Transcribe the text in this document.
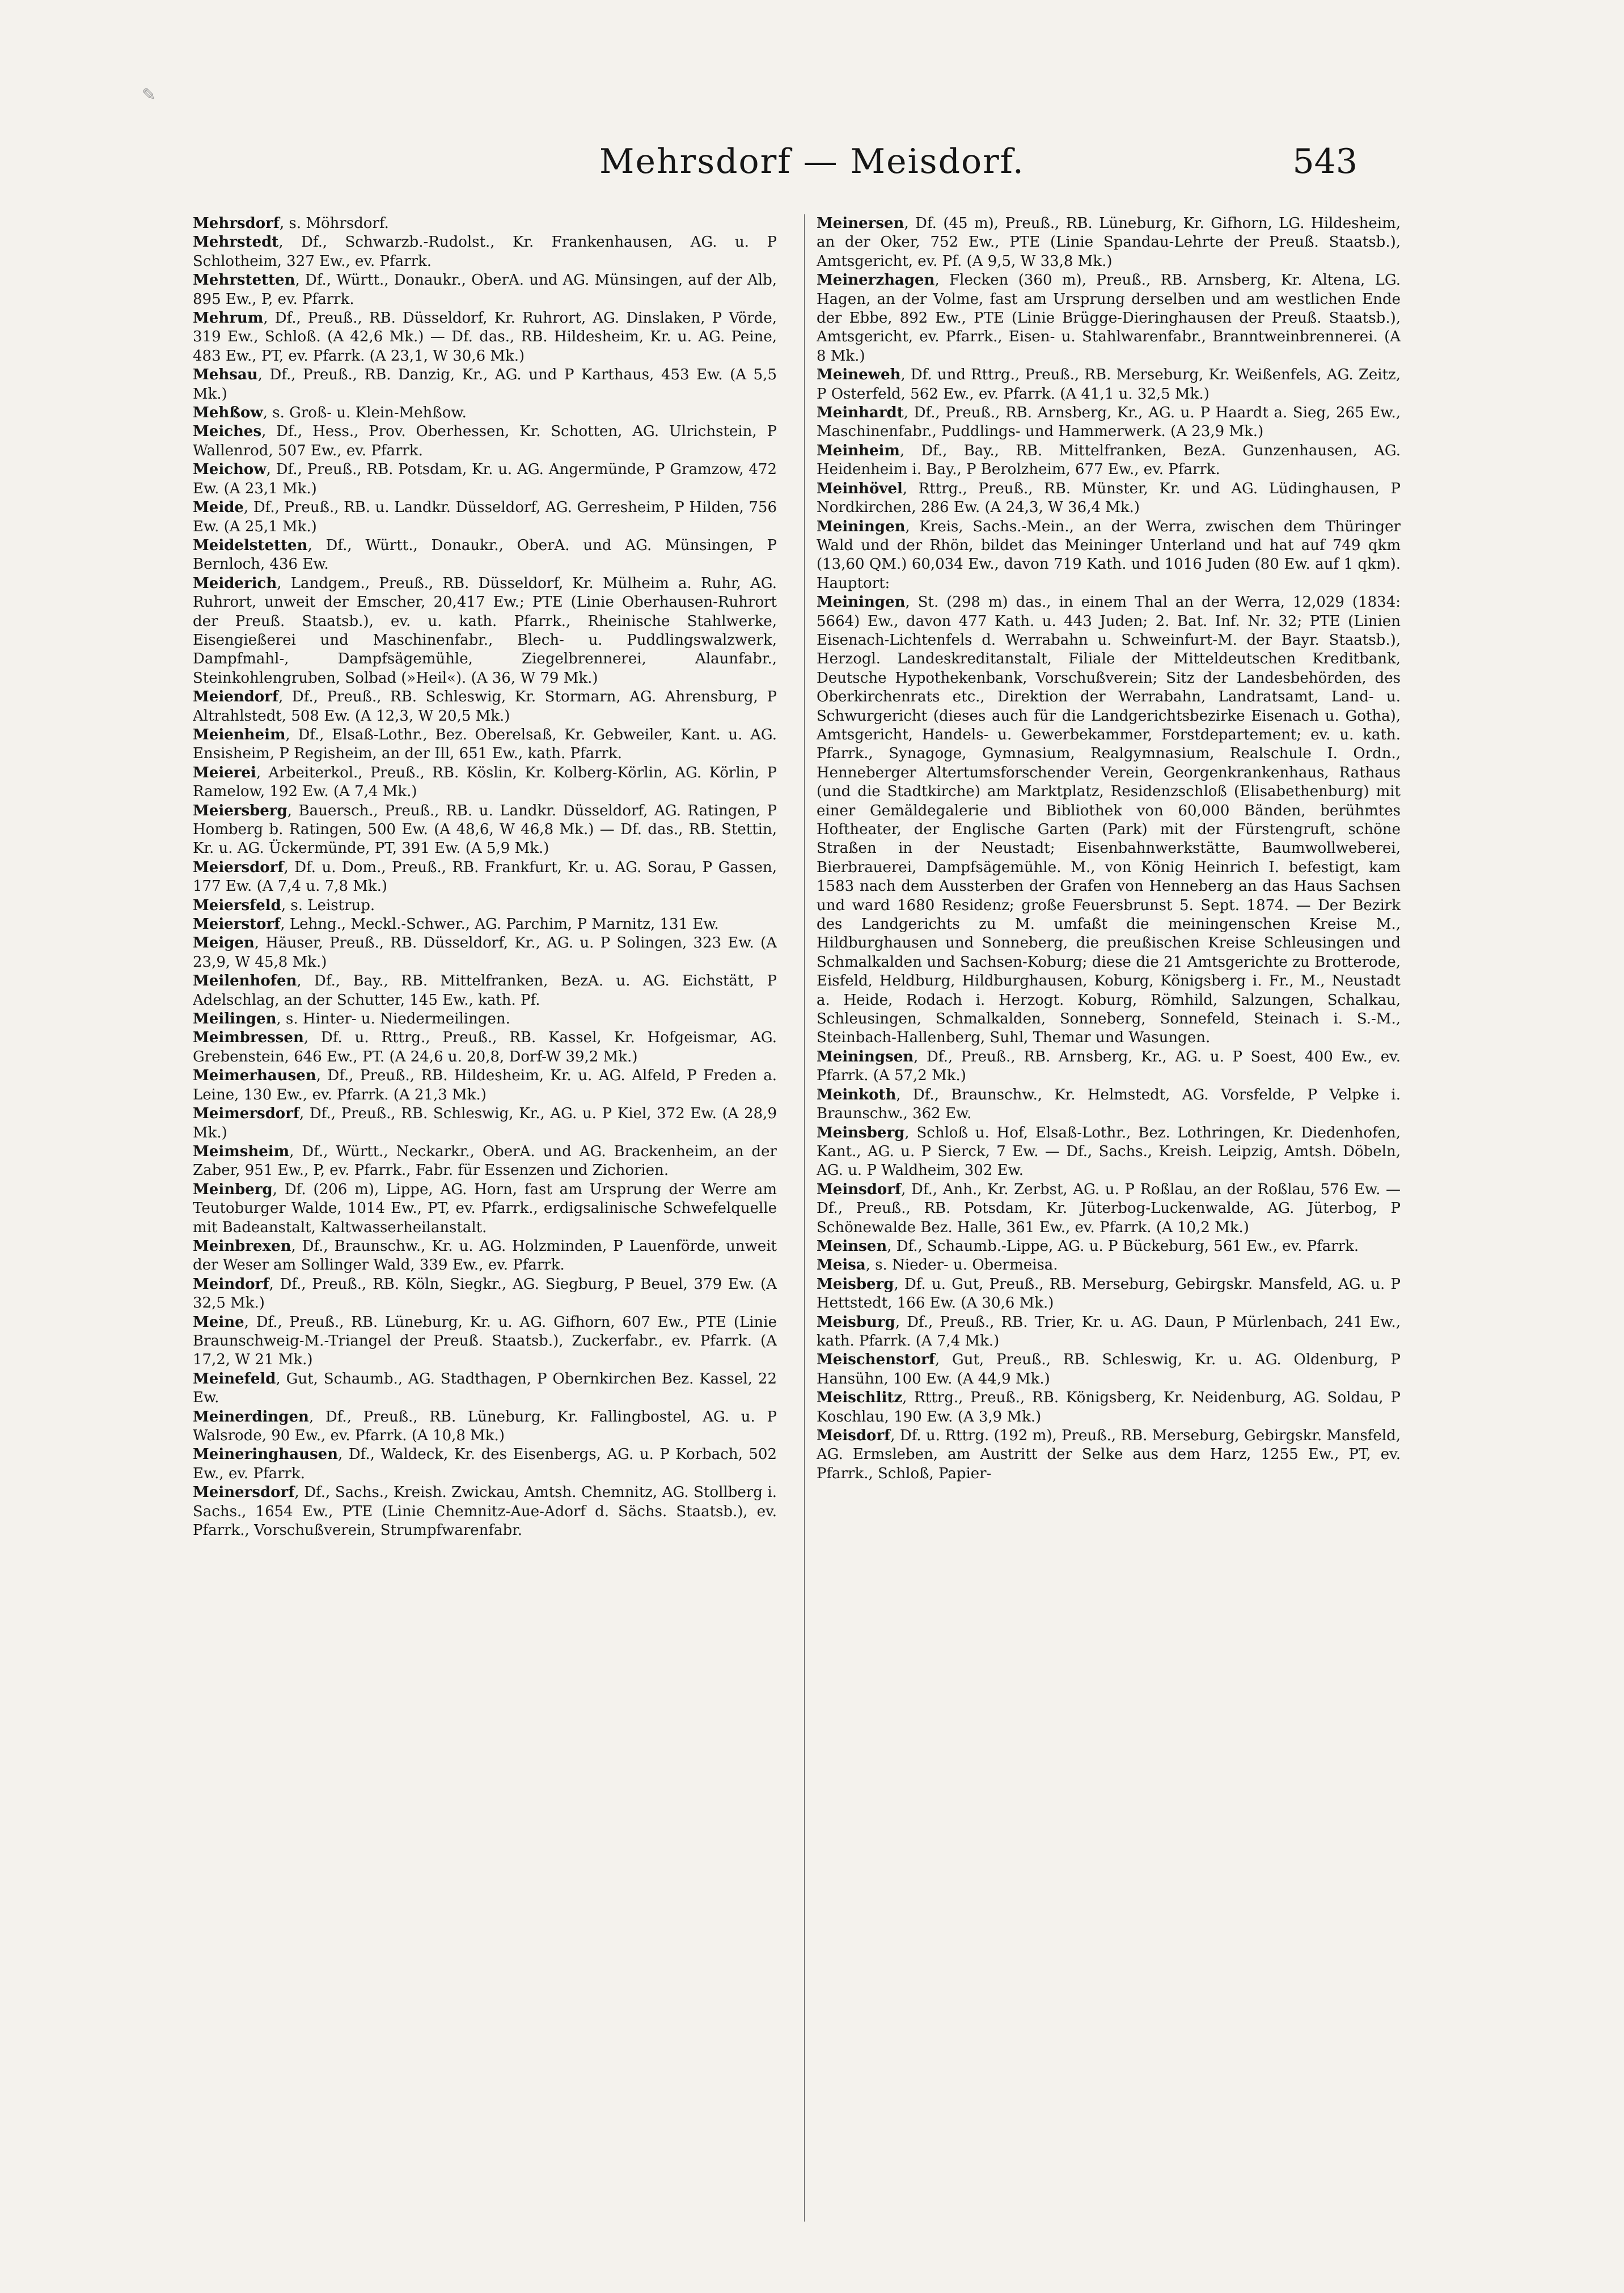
✎
Mehrsdorf — Meisdorf.	543

Mehrsdorf, s. Möhrsdorf.

Mehrstedt, Df., Schwarzb.-Rudolst., Kr. Frankenhausen, AG. u. P Schlotheim, 327 Ew., ev. Pfarrk.

Mehrstetten, Df., Württ., Donaukr., OberA. und AG. Münsingen, auf der Alb, 895 Ew., P, ev. Pfarrk.

Mehrum, Df., Preuß., RB. Düsseldorf, Kr. Ruhrort, AG. Dinslaken, P Vörde, 319 Ew., Schloß. (A 42,6 Mk.) — Df. das., RB. Hildesheim, Kr. u. AG. Peine, 483 Ew., PT, ev. Pfarrk. (A 23,1, W 30,6 Mk.)

Mehsau, Df., Preuß., RB. Danzig, Kr., AG. und P Karthaus, 453 Ew. (A 5,5 Mk.)

Mehßow, s. Groß- u. Klein-Mehßow.

Meiches, Df., Hess., Prov. Oberhessen, Kr. Schotten, AG. Ulrichstein, P Wallenrod, 507 Ew., ev. Pfarrk.

Meichow, Df., Preuß., RB. Potsdam, Kr. u. AG. Angermünde, P Gramzow, 472 Ew. (A 23,1 Mk.)

Meide, Df., Preuß., RB. u. Landkr. Düsseldorf, AG. Gerresheim, P Hilden, 756 Ew. (A 25,1 Mk.)

Meidelstetten, Df., Württ., Donaukr., OberA. und AG. Münsingen, P Bernloch, 436 Ew.

Meiderich, Landgem., Preuß., RB. Düsseldorf, Kr. Mülheim a. Ruhr, AG. Ruhrort, unweit der Emscher, 20,417 Ew.; PTE (Linie Oberhausen-Ruhrort der Preuß. Staatsb.), ev. u. kath. Pfarrk., Rheinische Stahlwerke, Eisengießerei und Maschinenfabr., Blech- u. Puddlingswalzwerk, Dampfmahl-, Dampfsägemühle, Ziegelbrennerei, Alaunfabr., Steinkohlengruben, Solbad (»Heil«). (A 36, W 79 Mk.)

Meiendorf, Df., Preuß., RB. Schleswig, Kr. Stormarn, AG. Ahrensburg, P Altrahlstedt, 508 Ew. (A 12,3, W 20,5 Mk.)

Meienheim, Df., Elsaß-Lothr., Bez. Oberelsaß, Kr. Gebweiler, Kant. u. AG. Ensisheim, P Regisheim, an der Ill, 651 Ew., kath. Pfarrk.

Meierei, Arbeiterkol., Preuß., RB. Köslin, Kr. Kolberg-Körlin, AG. Körlin, P Ramelow, 192 Ew. (A 7,4 Mk.)

Meiersberg, Bauersch., Preuß., RB. u. Landkr. Düsseldorf, AG. Ratingen, P Homberg b. Ratingen, 500 Ew. (A 48,6, W 46,8 Mk.) — Df. das., RB. Stettin, Kr. u. AG. Ückermünde, PT, 391 Ew. (A 5,9 Mk.)

Meiersdorf, Df. u. Dom., Preuß., RB. Frankfurt, Kr. u. AG. Sorau, P Gassen, 177 Ew. (A 7,4 u. 7,8 Mk.)

Meiersfeld, s. Leistrup.

Meierstorf, Lehng., Meckl.-Schwer., AG. Parchim, P Marnitz, 131 Ew.

Meigen, Häuser, Preuß., RB. Düsseldorf, Kr., AG. u. P Solingen, 323 Ew. (A 23,9, W 45,8 Mk.)

Meilenhofen, Df., Bay., RB. Mittelfranken, BezA. u. AG. Eichstätt, P Adelschlag, an der Schutter, 145 Ew., kath. Pf.

Meilingen, s. Hinter- u. Niedermeilingen.

Meimbressen, Df. u. Rttrg., Preuß., RB. Kassel, Kr. Hofgeismar, AG. Grebenstein, 646 Ew., PT. (A 24,6 u. 20,8, Dorf-W 39,2 Mk.)

Meimerhausen, Df., Preuß., RB. Hildesheim, Kr. u. AG. Alfeld, P Freden a. Leine, 130 Ew., ev. Pfarrk. (A 21,3 Mk.)

Meimersdorf, Df., Preuß., RB. Schleswig, Kr., AG. u. P Kiel, 372 Ew. (A 28,9 Mk.)

Meimsheim, Df., Württ., Neckarkr., OberA. und AG. Brackenheim, an der Zaber, 951 Ew., P, ev. Pfarrk., Fabr. für Essenzen und Zichorien.

Meinberg, Df. (206 m), Lippe, AG. Horn, fast am Ursprung der Werre am Teutoburger Walde, 1014 Ew., PT, ev. Pfarrk., erdigsalinische Schwefelquelle mit Badeanstalt, Kaltwasserheilanstalt.

Meinbrexen, Df., Braunschw., Kr. u. AG. Holzminden, P Lauenförde, unweit der Weser am Sollinger Wald, 339 Ew., ev. Pfarrk.

Meindorf, Df., Preuß., RB. Köln, Siegkr., AG. Siegburg, P Beuel, 379 Ew. (A 32,5 Mk.)

Meine, Df., Preuß., RB. Lüneburg, Kr. u. AG. Gifhorn, 607 Ew., PTE (Linie Braunschweig-M.-Triangel der Preuß. Staatsb.), Zuckerfabr., ev. Pfarrk. (A 17,2, W 21 Mk.)

Meinefeld, Gut, Schaumb., AG. Stadthagen, P Obernkirchen Bez. Kassel, 22 Ew.

Meinerdingen, Df., Preuß., RB. Lüneburg, Kr. Fallingbostel, AG. u. P Walsrode, 90 Ew., ev. Pfarrk. (A 10,8 Mk.)

Meineringhausen, Df., Waldeck, Kr. des Eisenbergs, AG. u. P Korbach, 502 Ew., ev. Pfarrk.

Meinersdorf, Df., Sachs., Kreish. Zwickau, Amtsh. Chemnitz, AG. Stollberg i. Sachs., 1654 Ew., PTE (Linie Chemnitz-Aue-Adorf d. Sächs. Staatsb.), ev. Pfarrk., Vorschußverein, Strumpfwarenfabr.

Meinersen, Df. (45 m), Preuß., RB. Lüneburg, Kr. Gifhorn, LG. Hildesheim, an der Oker, 752 Ew., PTE (Linie Spandau-Lehrte der Preuß. Staatsb.), Amtsgericht, ev. Pf. (A 9,5, W 33,8 Mk.)

Meinerzhagen, Flecken (360 m), Preuß., RB. Arnsberg, Kr. Altena, LG. Hagen, an der Volme, fast am Ursprung derselben und am westlichen Ende der Ebbe, 892 Ew., PTE (Linie Brügge-Dieringhausen der Preuß. Staatsb.), Amtsgericht, ev. Pfarrk., Eisen- u. Stahlwarenfabr., Branntweinbrennerei. (A 8 Mk.)

Meineweh, Df. und Rttrg., Preuß., RB. Merseburg, Kr. Weißenfels, AG. Zeitz, P Osterfeld, 562 Ew., ev. Pfarrk. (A 41,1 u. 32,5 Mk.)

Meinhardt, Df., Preuß., RB. Arnsberg, Kr., AG. u. P Haardt a. Sieg, 265 Ew., Maschinenfabr., Puddlings- und Hammerwerk. (A 23,9 Mk.)

Meinheim, Df., Bay., RB. Mittelfranken, BezA. Gunzenhausen, AG. Heidenheim i. Bay., P Berolzheim, 677 Ew., ev. Pfarrk.

Meinhövel, Rttrg., Preuß., RB. Münster, Kr. und AG. Lüdinghausen, P Nordkirchen, 286 Ew. (A 24,3, W 36,4 Mk.)

Meiningen, Kreis, Sachs.-Mein., an der Werra, zwischen dem Thüringer Wald und der Rhön, bildet das Meininger Unterland und hat auf 749 qkm (13,60 QM.) 60,034 Ew., davon 719 Kath. und 1016 Juden (80 Ew. auf 1 qkm). Hauptort:

Meiningen, St. (298 m) das., in einem Thal an der Werra, 12,029 (1834: 5664) Ew., davon 477 Kath. u. 443 Juden; 2. Bat. Inf. Nr. 32; PTE (Linien Eisenach-Lichtenfels d. Werrabahn u. Schweinfurt-M. der Bayr. Staatsb.), Herzogl. Landeskreditanstalt, Filiale der Mitteldeutschen Kreditbank, Deutsche Hypothekenbank, Vorschußverein; Sitz der Landesbehörden, des Oberkirchenrats etc., Direktion der Werrabahn, Landratsamt, Land- u. Schwurgericht (dieses auch für die Landgerichtsbezirke Eisenach u. Gotha), Amtsgericht, Handels- u. Gewerbekammer, Forstdepartement; ev. u. kath. Pfarrk., Synagoge, Gymnasium, Realgymnasium, Realschule I. Ordn., Henneberger Altertumsforschender Verein, Georgenkrankenhaus, Rathaus (und die Stadtkirche) am Marktplatz, Residenzschloß (Elisabethenburg) mit einer Gemäldegalerie und Bibliothek von 60,000 Bänden, berühmtes Hoftheater, der Englische Garten (Park) mit der Fürstengruft, schöne Straßen in der Neustadt; Eisenbahnwerkstätte, Baumwollweberei, Bierbrauerei, Dampfsägemühle. M., von König Heinrich I. befestigt, kam 1583 nach dem Aussterben der Grafen von Henneberg an das Haus Sachsen und ward 1680 Residenz; große Feuersbrunst 5. Sept. 1874. — Der Bezirk des Landgerichts zu M. umfaßt die meiningenschen Kreise M., Hildburghausen und Sonneberg, die preußischen Kreise Schleusingen und Schmalkalden und Sachsen-Koburg; diese die 21 Amtsgerichte zu Brotterode, Eisfeld, Heldburg, Hildburghausen, Koburg, Königsberg i. Fr., M., Neustadt a. Heide, Rodach i. Herzogt. Koburg, Römhild, Salzungen, Schalkau, Schleusingen, Schmalkalden, Sonneberg, Sonnefeld, Steinach i. S.-M., Steinbach-Hallenberg, Suhl, Themar und Wasungen.

Meiningsen, Df., Preuß., RB. Arnsberg, Kr., AG. u. P Soest, 400 Ew., ev. Pfarrk. (A 57,2 Mk.)

Meinkoth, Df., Braunschw., Kr. Helmstedt, AG. Vorsfelde, P Velpke i. Braunschw., 362 Ew.

Meinsberg, Schloß u. Hof, Elsaß-Lothr., Bez. Lothringen, Kr. Diedenhofen, Kant., AG. u. P Sierck, 7 Ew. — Df., Sachs., Kreish. Leipzig, Amtsh. Döbeln, AG. u. P Waldheim, 302 Ew.

Meinsdorf, Df., Anh., Kr. Zerbst, AG. u. P Roßlau, an der Roßlau, 576 Ew. — Df., Preuß., RB. Potsdam, Kr. Jüterbog-Luckenwalde, AG. Jüterbog, P Schönewalde Bez. Halle, 361 Ew., ev. Pfarrk. (A 10,2 Mk.)

Meinsen, Df., Schaumb.-Lippe, AG. u. P Bückeburg, 561 Ew., ev. Pfarrk.

Meisa, s. Nieder- u. Obermeisa.

Meisberg, Df. u. Gut, Preuß., RB. Merseburg, Gebirgskr. Mansfeld, AG. u. P Hettstedt, 166 Ew. (A 30,6 Mk.)

Meisburg, Df., Preuß., RB. Trier, Kr. u. AG. Daun, P Mürlenbach, 241 Ew., kath. Pfarrk. (A 7,4 Mk.)

Meischenstorf, Gut, Preuß., RB. Schleswig, Kr. u. AG. Oldenburg, P Hansühn, 100 Ew. (A 44,9 Mk.)

Meischlitz, Rttrg., Preuß., RB. Königsberg, Kr. Neidenburg, AG. Soldau, P Koschlau, 190 Ew. (A 3,9 Mk.)

Meisdorf, Df. u. Rttrg. (192 m), Preuß., RB. Merseburg, Gebirgskr. Mansfeld, AG. Ermsleben, am Austritt der Selke aus dem Harz, 1255 Ew., PT, ev. Pfarrk., Schloß, Papier-
